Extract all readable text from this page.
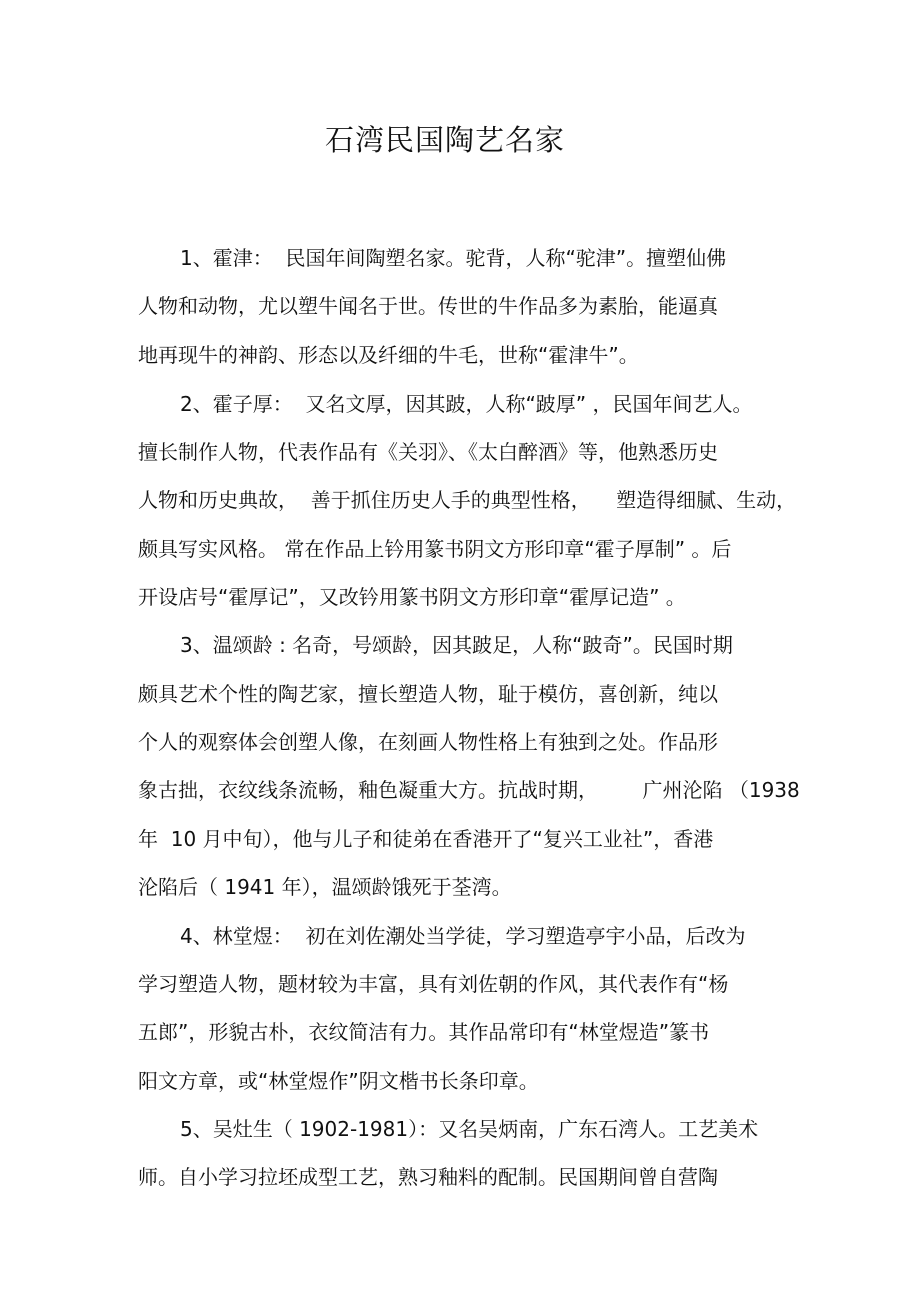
石湾民国陶艺名家
1、霍津：  民国年间陶塑名家。驼背，人称“驼津”。擅塑仙佛
人物和动物，尤以塑牛闻名于世。传世的牛作品多为素胎，能逼真
地再现牛的神韵、形态以及纤细的牛毛，世称“霍津牛”。
2、霍子厚：  又名文厚，因其跛，人称“跛厚” ，民国年间艺人。
擅长制作人物，代表作品有《关羽》、《太白醉酒》等，他熟悉历史
人物和历史典故，  善于抓住历史人手的典型性格，    塑造得细腻、生动，
颇具写实风格。 常在作品上钤用篆书阴文方形印章“霍子厚制” 。后
开设店号“霍厚记”，又改钤用篆书阴文方形印章“霍厚记造” 。
3、温颂龄 : 名奇，号颂龄，因其跛足，人称“跛奇”。民国时期
颇具艺术个性的陶艺家，擅长塑造人物，耻于模仿，喜创新，纯以
个人的观察体会创塑人像，在刻画人物性格上有独到之处。作品形
象古拙，衣纹线条流畅，釉色凝重大方。抗战时期，       广州沦陷 （1938
年  10 月中旬），他与儿子和徒弟在香港开了“复兴工业社”，香港
沦陷后（ 1941 年），温颂龄饿死于荃湾。
4、林堂煜：  初在刘佐潮处当学徒，学习塑造亭宇小品，后改为
学习塑造人物，题材较为丰富，具有刘佐朝的作风，其代表作有“杨
五郎”，形貌古朴，衣纹简洁有力。其作品常印有“林堂煜造”篆书
阳文方章，或“林堂煜作”阴文楷书长条印章。
5、吴灶生（ 1902-1981）：又名吴炳南，广东石湾人。工艺美术
师。自小学习拉坯成型工艺，熟习釉料的配制。民国期间曾自营陶
